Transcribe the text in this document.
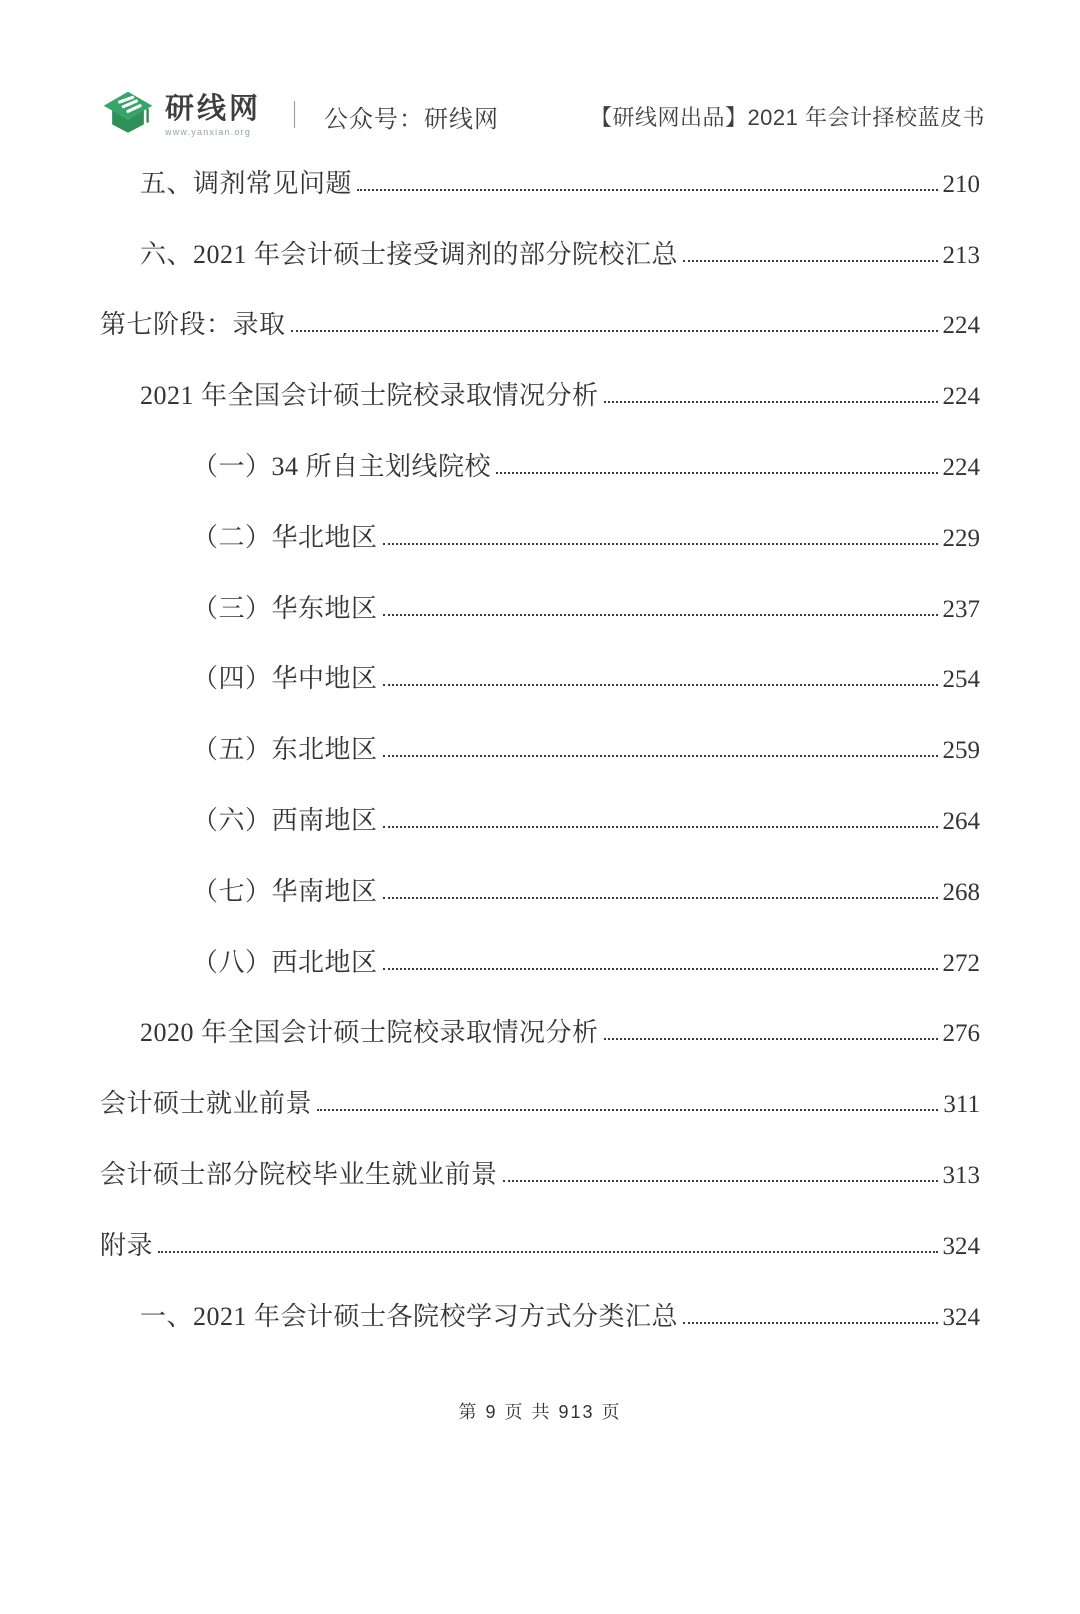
研线网
www.yanxian.org
｜ 公众号：研线网	【研线网出品】2021 年会计择校蓝皮书
五、调剂常见问题	210
六、2021 年会计硕士接受调剂的部分院校汇总	213
第七阶段：录取	224
2021 年全国会计硕士院校录取情况分析	224
（一）34 所自主划线院校	224
（二）华北地区	229
（三）华东地区	237
（四）华中地区	254
（五）东北地区	259
（六）西南地区	264
（七）华南地区	268
（八）西北地区	272
2020 年全国会计硕士院校录取情况分析	276
会计硕士就业前景	311
会计硕士部分院校毕业生就业前景	313
附录	324
一、2021 年会计硕士各院校学习方式分类汇总	324
第 9 页 共 913 页
